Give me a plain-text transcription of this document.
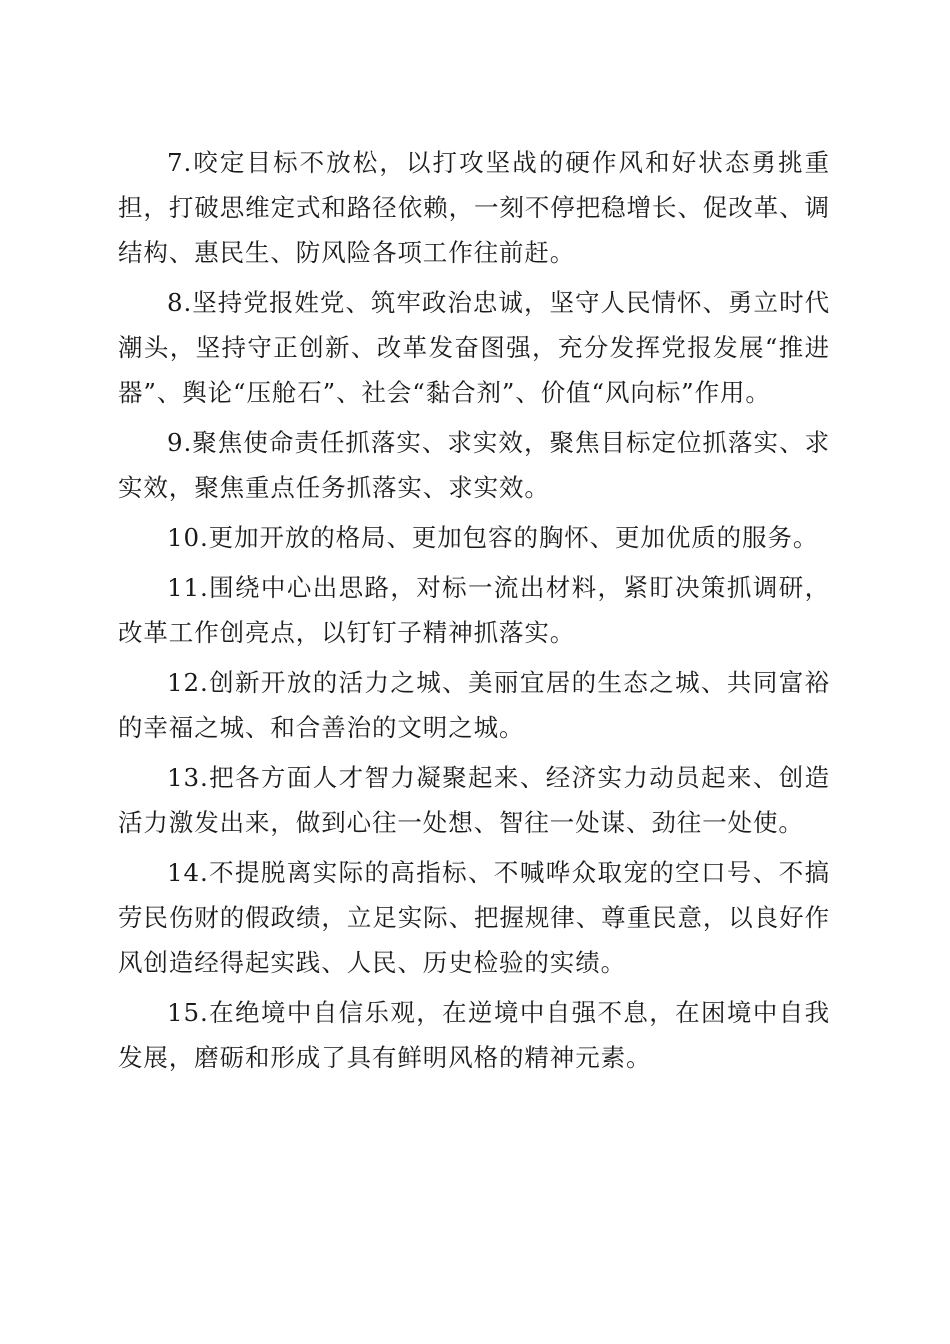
7.咬定目标不放松，以打攻坚战的硬作风和好状态勇挑重担，打破思维定式和路径依赖，一刻不停把稳增长、促改革、调结构、惠民生、防风险各项工作往前赶。

8.坚持党报姓党、筑牢政治忠诚，坚守人民情怀、勇立时代潮头，坚持守正创新、改革发奋图强，充分发挥党报发展“推进器”、舆论“压舱石”、社会“黏合剂”、价值“风向标”作用。

9.聚焦使命责任抓落实、求实效，聚焦目标定位抓落实、求实效，聚焦重点任务抓落实、求实效。

10.更加开放的格局、更加包容的胸怀、更加优质的服务。

11.围绕中心出思路，对标一流出材料，紧盯决策抓调研，改革工作创亮点，以钉钉子精神抓落实。

12.创新开放的活力之城、美丽宜居的生态之城、共同富裕的幸福之城、和合善治的文明之城。

13.把各方面人才智力凝聚起来、经济实力动员起来、创造活力激发出来，做到心往一处想、智往一处谋、劲往一处使。

14.不提脱离实际的高指标、不喊哗众取宠的空口号、不搞劳民伤财的假政绩，立足实际、把握规律、尊重民意，以良好作风创造经得起实践、人民、历史检验的实绩。

15.在绝境中自信乐观，在逆境中自强不息，在困境中自我发展，磨砺和形成了具有鲜明风格的精神元素。
